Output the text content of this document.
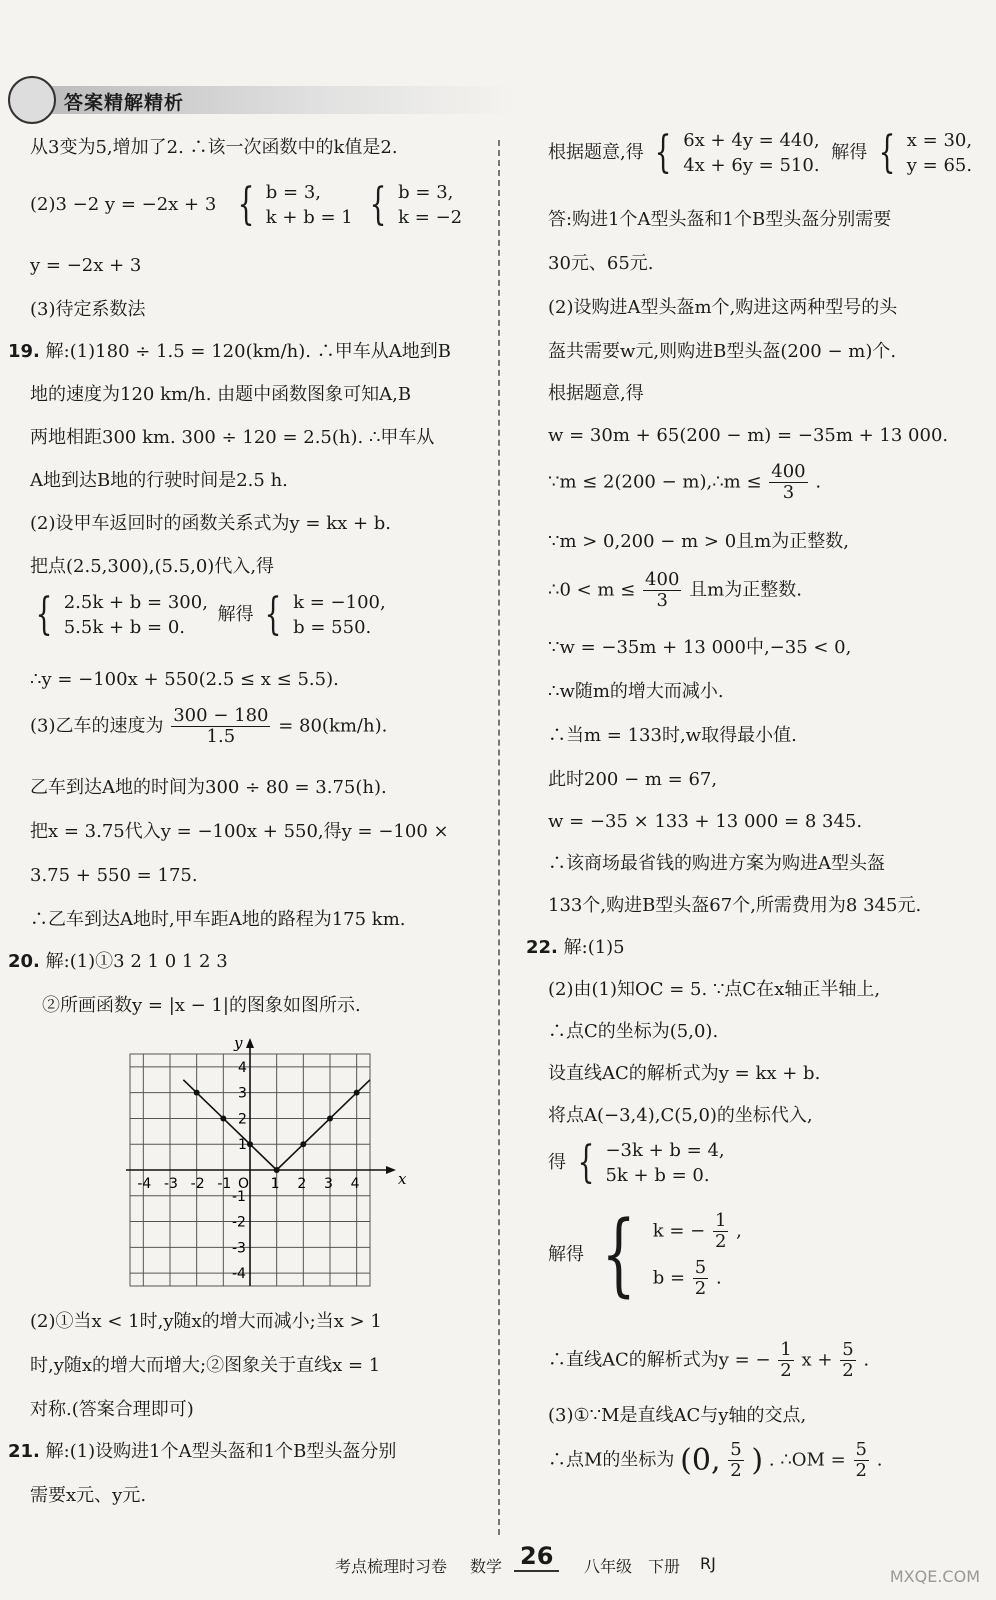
答案精解精析
从3变为5,增加了2. ∴该一次函数中的k值是2.
(2)3 −2 y = −2x + 3 { b = 3,
k + b = 1 { b = 3,
k = −2
y = −2x + 3
(3)待定系数法
19. 解:(1)180 ÷ 1.5 = 120(km/h). ∴甲车从A地到B
地的速度为120 km/h. 由题中函数图象可知A,B
两地相距300 km. 300 ÷ 120 = 2.5(h). ∴甲车从
A地到达B地的行驶时间是2.5 h.
(2)设甲车返回时的函数关系式为y = kx + b.
把点(2.5,300),(5.5,0)代入,得
{ 2.5k + b = 300,
5.5k + b = 0.
解得 { k = −100,
b = 550.
∴y = −100x + 550(2.5 ≤ x ≤ 5.5).
(3)乙车的速度为 $\frac{300 - 180}{1.5} = 80(km/h)$.
乙车到达A地的时间为300 ÷ 80 = 3.75(h).
把x = 3.75代入y = −100x + 550,得y = −100 ×
3.75 + 550 = 175.
∴乙车到达A地时,甲车距A地的路程为175 km.
20. 解:(1)①3 2 1 0 1 2 3
②所画函数y = |x − 1|的图象如图所示.
(2)①当x < 1时,y随x的增大而减小;当x > 1
时,y随x的增大而增大;②图象关于直线x = 1
对称.(答案合理即可)
21. 解:(1)设购进1个A型头盔和1个B型头盔分别
需要x元、y元.
x
y
-4 -3 -2 -1 O 1 2 3 4
4
3
2
1
-1
-2
-3
-4
根据题意,得 { 6x + 4y = 440,
4x + 6y = 510.
解得 { x = 30,
y = 65.
答:购进1个A型头盔和1个B型头盔分别需要
30元、65元.
(2)设购进A型头盔m个,购进这两种型号的头
盔共需要w元,则购进B型头盔(200 − m)个.
根据题意,得
w = 30m + 65(200 − m) = −35m + 13 000.
∵m ≤ 2(200 − m),∴m ≤ $\frac{400}{3}$ .
∵m > 0,200 − m > 0且m为正整数,
∴0 < $m \le \frac{400}{3}$ 且m为正整数.
∵w = −35m + 13 000中,−35 < 0,
∴w随m的增大而减小.
∴当m = 133时,w取得最小值.
此时200 − m = 67,
w = −35 × 133 + 13 000 = 8 345.
∴该商场最省钱的购进方案为购进A型头盔
133个,购进B型头盔67个,所需费用为8 345元.
22. 解:(1)5
(2)由(1)知OC = 5. ∵点C在x轴正半轴上,
∴点C的坐标为(5,0).
设直线AC的解析式为y = kx + b.
将点A(−3,4),C(5,0)的坐标代入,
得 { −3k + b = 4,
5k + b = 0.
解得 { k = − $\frac{1}{2}$ ,
$b = \frac{5}{2}$ .
∴直线AC的解析式为y = − $\frac{1}{2}$ $x + \frac{5}{2}$ .
(3)①∵M是直线AC与y轴的交点,
∴点M的坐标为 (0, $\frac{5}{2}$ ) . ∴OM = $\frac{5}{2}$ .
考点梳理时习卷 数学 26	八年级 下册 RJ
MXQE.COM
